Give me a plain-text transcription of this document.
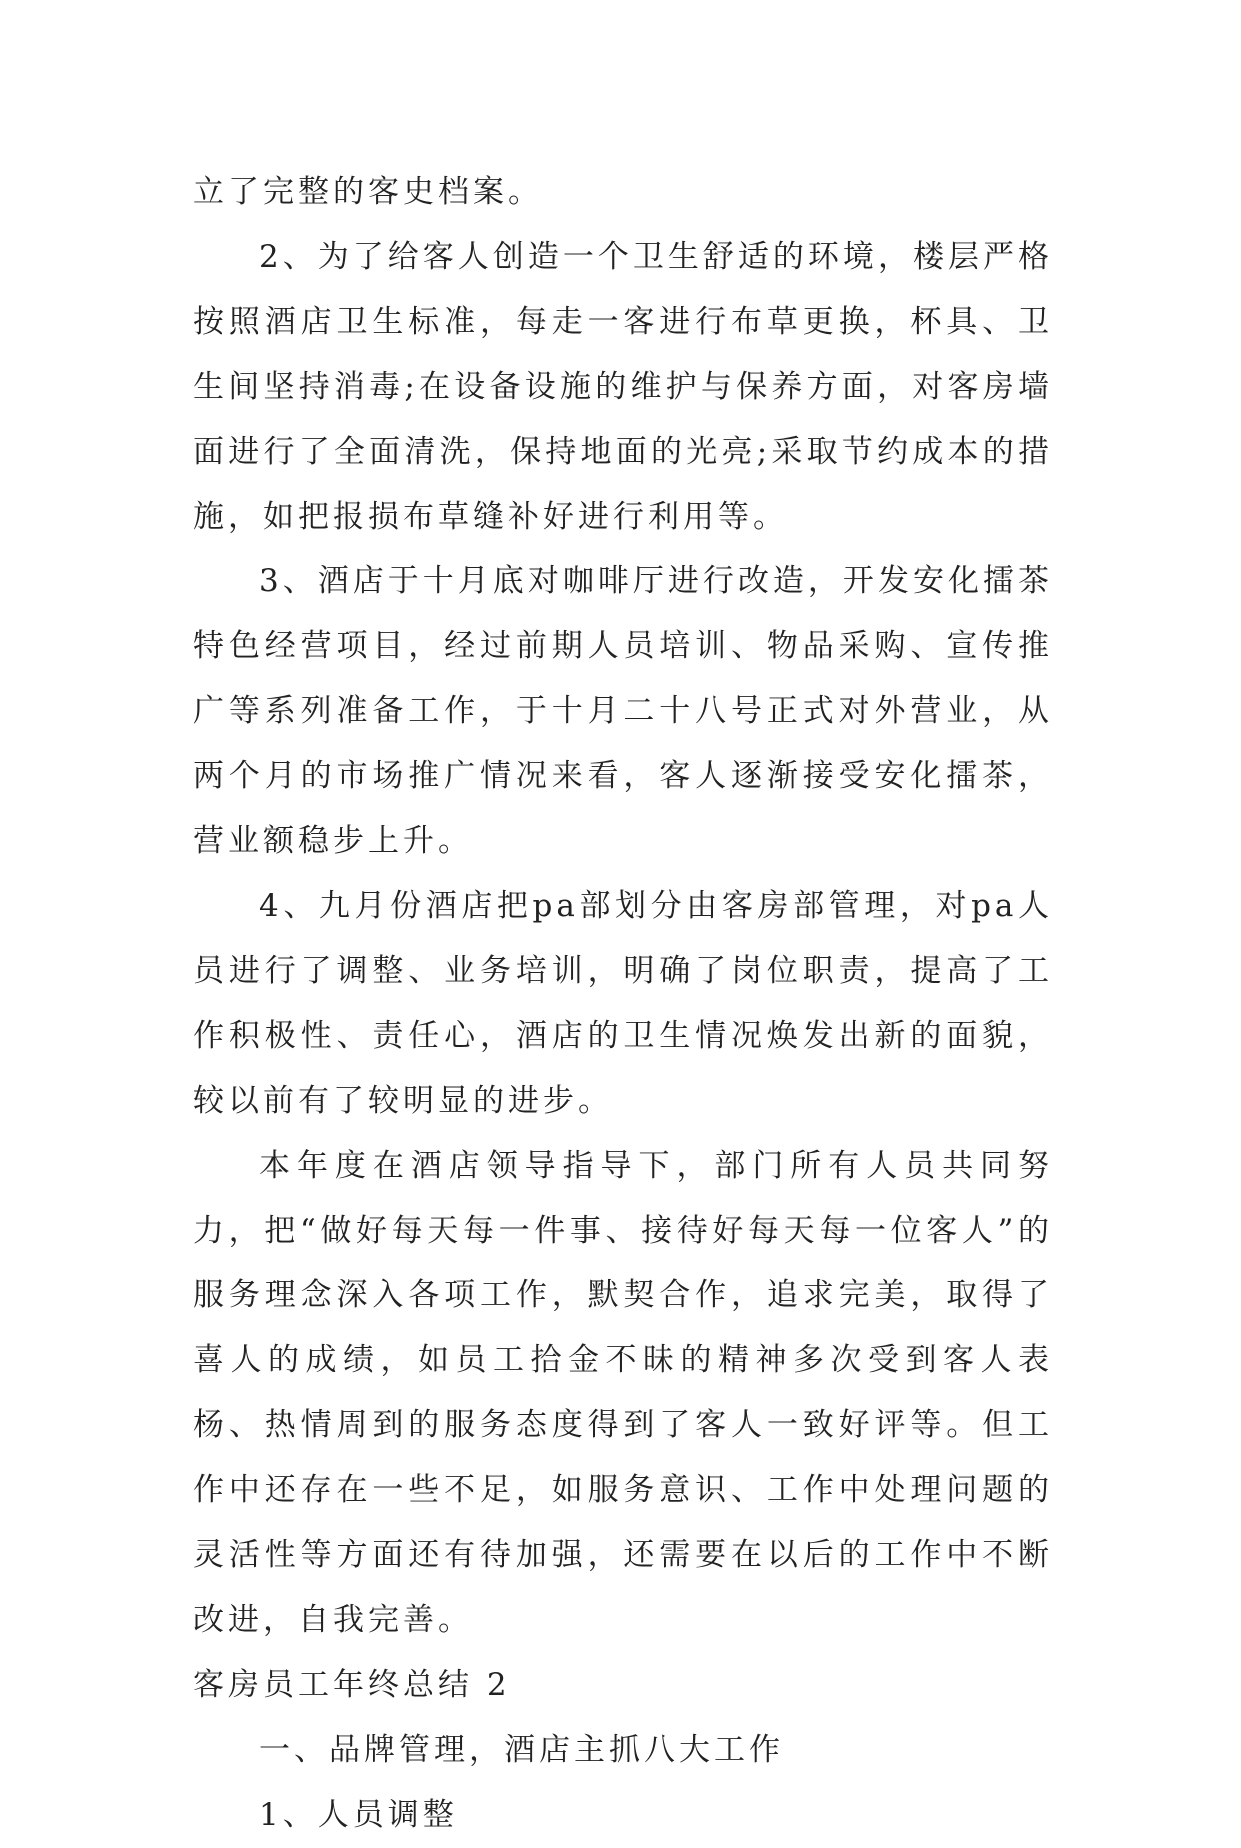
立了完整的客史档案。

2、为了给客人创造一个卫生舒适的环境，楼层严格按照酒店卫生标准，每走一客进行布草更换，杯具、卫生间坚持消毒;在设备设施的维护与保养方面，对客房墙面进行了全面清洗，保持地面的光亮;采取节约成本的措施，如把报损布草缝补好进行利用等。

3、酒店于十月底对咖啡厅进行改造，开发安化擂茶特色经营项目，经过前期人员培训、物品采购、宣传推广等系列准备工作，于十月二十八号正式对外营业，从两个月的市场推广情况来看，客人逐渐接受安化擂茶，营业额稳步上升。

4、九月份酒店把pa部划分由客房部管理，对pa人员进行了调整、业务培训，明确了岗位职责，提高了工作积极性、责任心，酒店的卫生情况焕发出新的面貌，较以前有了较明显的进步。

本年度在酒店领导指导下，部门所有人员共同努力，把“做好每天每一件事、接待好每天每一位客人”的服务理念深入各项工作，默契合作，追求完美，取得了喜人的成绩，如员工拾金不昧的精神多次受到客人表杨、热情周到的服务态度得到了客人一致好评等。但工作中还存在一些不足，如服务意识、工作中处理问题的灵活性等方面还有待加强，还需要在以后的工作中不断改进，自我完善。

客房员工年终总结 2

一、品牌管理，酒店主抓八大工作

1、人员调整
